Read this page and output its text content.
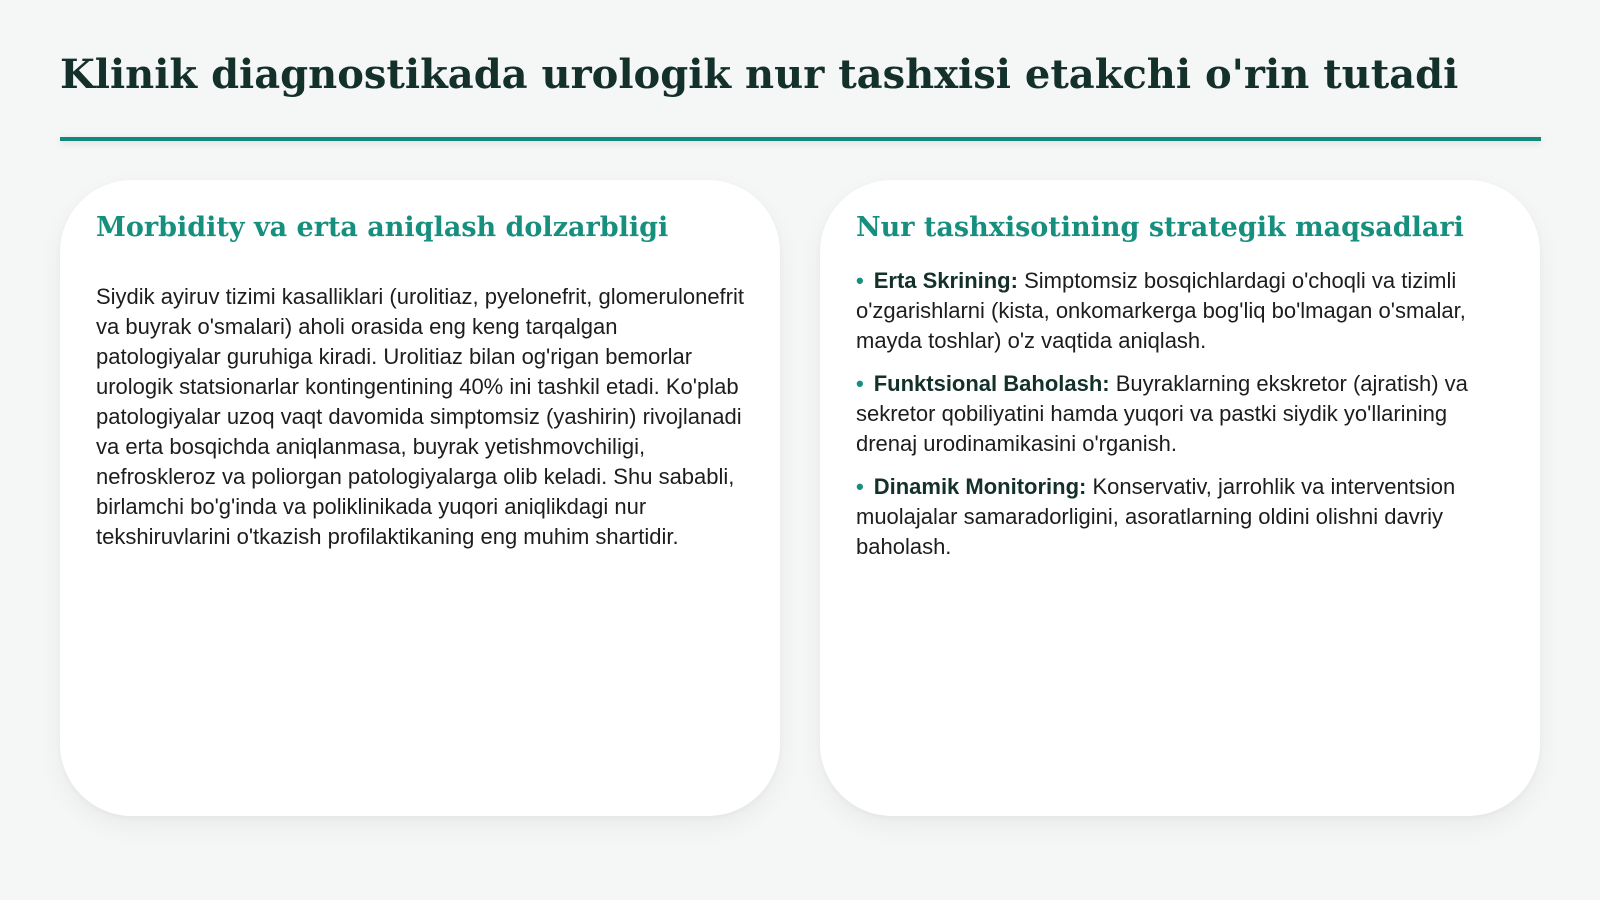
Klinik diagnostikada urologik nur tashxisi etakchi o'rin tutadi
Morbidity va erta aniqlash dolzarbligi

Siydik ayiruv tizimi kasalliklari (urolitiaz, pyelonefrit, glomerulonefrit va buyrak o'smalari) aholi orasida eng keng tarqalgan patologiyalar guruhiga kiradi. Urolitiaz bilan og'rigan bemorlar urologik statsionarlar kontingentining 40% ini tashkil etadi. Ko'plab patologiyalar uzoq vaqt davomida simptomsiz (yashirin) rivojlanadi va erta bosqichda aniqlanmasa, buyrak yetishmovchiligi, nefroskleroz va poliorgan patologiyalarga olib keladi. Shu sababli, birlamchi bo'g'inda va poliklinikada yuqori aniqlikdagi nur tekshiruvlarini o'tkazish profilaktikaning eng muhim shartidir.

Nur tashxisotining strategik maqsadlari
• Erta Skrining: Simptomsiz bosqichlardagi o'choqli va tizimli o'zgarishlarni (kista, onkomarkerga bog'liq bo'lmagan o'smalar, mayda toshlar) o'z vaqtida aniqlash.
• Funktsional Baholash: Buyraklarning ekskretor (ajratish) va sekretor qobiliyatini hamda yuqori va pastki siydik yo'llarining drenaj urodinamikasini o'rganish.
• Dinamik Monitoring: Konservativ, jarrohlik va interventsion muolajalar samaradorligini, asoratlarning oldini olishni davriy baholash.
